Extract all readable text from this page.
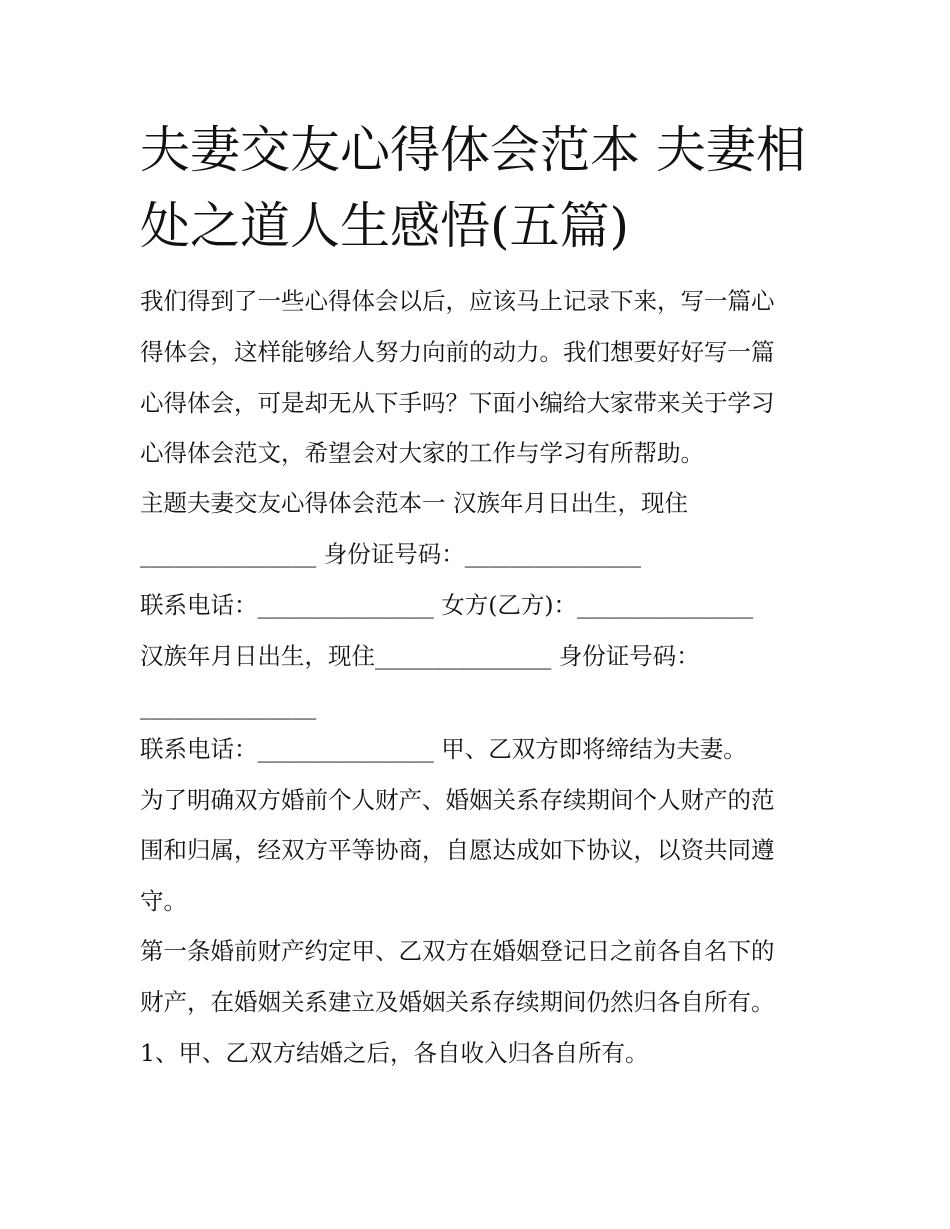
夫妻交友心得体会范本 夫妻相
处之道人生感悟(五篇)
我们得到了一些心得体会以后，应该马上记录下来，写一篇心
得体会，这样能够给人努力向前的动力。我们想要好好写一篇
心得体会，可是却无从下手吗？下面小编给大家带来关于学习
心得体会范文，希望会对大家的工作与学习有所帮助。
主题夫妻交友心得体会范本一 汉族年月日出生，现住
_______________ 身份证号码：_______________
联系电话：_______________ 女方(乙方)：_______________
汉族年月日出生，现住_______________ 身份证号码：
_______________
联系电话：_______________ 甲、乙双方即将缔结为夫妻。
为了明确双方婚前个人财产、婚姻关系存续期间个人财产的范
围和归属，经双方平等协商，自愿达成如下协议，以资共同遵
守。
第一条婚前财产约定甲、乙双方在婚姻登记日之前各自名下的
财产，在婚姻关系建立及婚姻关系存续期间仍然归各自所有。
1、甲、乙双方结婚之后，各自收入归各自所有。
